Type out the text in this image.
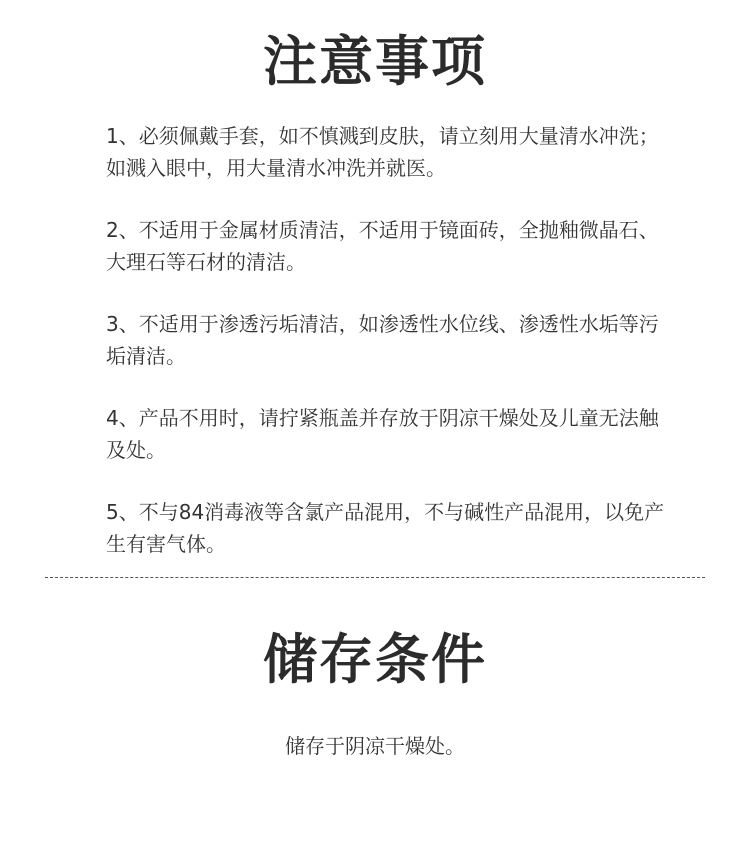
注意事项
1、必须佩戴手套，如不慎溅到皮肤，请立刻用大量清水冲洗；如溅入眼中，用大量清水冲洗并就医。
2、不适用于金属材质清洁，不适用于镜面砖，全抛釉微晶石、大理石等石材的清洁。
3、不适用于渗透污垢清洁，如渗透性水位线、渗透性水垢等污垢清洁。
4、产品不用时，请拧紧瓶盖并存放于阴凉干燥处及儿童无法触及处。
5、不与84消毒液等含氯产品混用，不与碱性产品混用，以免产生有害气体。
储存条件

储存于阴凉干燥处。
